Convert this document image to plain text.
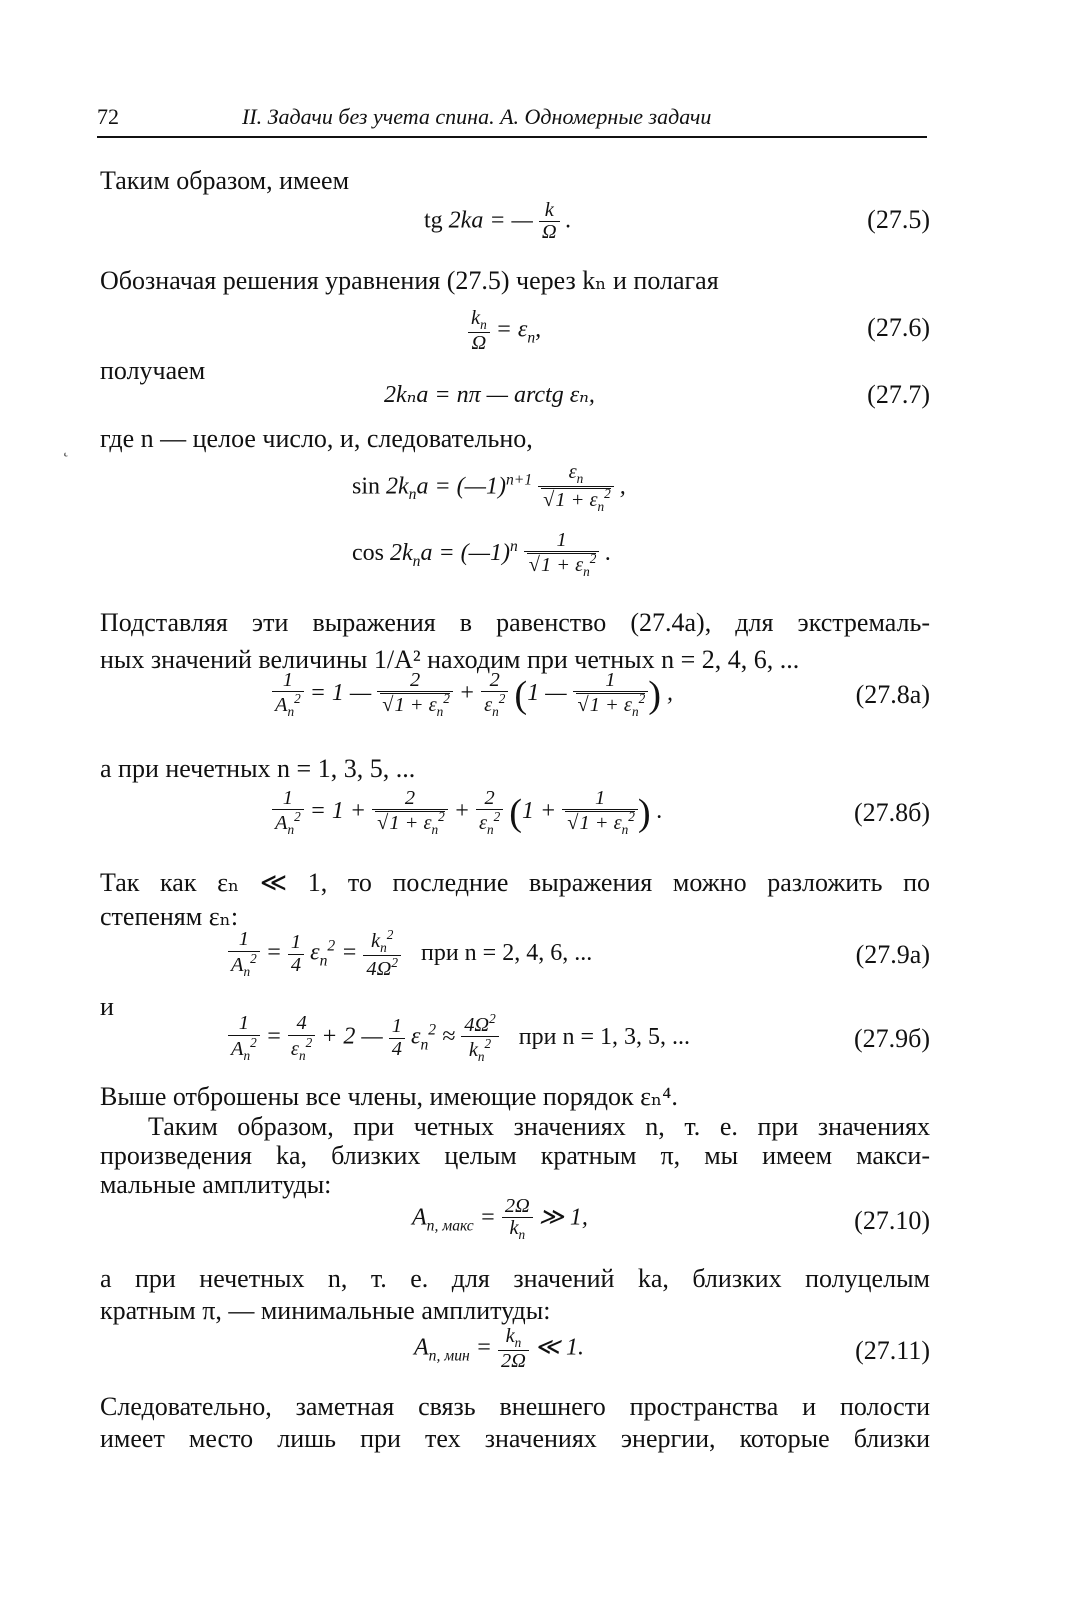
72	II. Задачи без учета спина. А. Одномерные задачи

Таким образом, имеем

tg 2ka = — $\frac{k}{\Omega}$ .	(27.5)

Обозначая решения уравнения (27.5) через kₙ и полагая

$\frac{k_n}{\Omega} = \varepsilon_n$,	(27.6)

получаем

2kₙa = nπ — arctg εₙ,	(27.7)
˛ где n — целое число, и, следовательно,

$\sin 2k_na$ = (—1)$^{n+1}$ $\varepsilon_n$
√ $1 + \varepsilon_n^2$ ,
$\cos 2k_na$ = (—1)$^n$ 1
√ $1 + \varepsilon_n^2$ .

Подставляя эти выражения в равенство (27.4а), для экстремаль-

ных значений величины 1/A² находим при четных n = 2, 4, 6, ...

$\frac{1}{A_n^2} = 1$ — 2
√ $1 + \varepsilon_n^2 + \frac{2}{\varepsilon_n^2} (1$ — 1
√ $1 + \varepsilon_n^2$ ) ,	(27.8а)

а при нечетных n = 1, 3, 5, ...

$\frac{1}{A_n^2} = 1 + 2$
√ $1 + \varepsilon_n^2 + \frac{2}{\varepsilon_n^2} (1 + 1$
√ $1 + \varepsilon_n^2$ ) .	(27.8б)

Так как εₙ ≪ 1, то последние выражения можно разложить по

степеням εₙ:

$\frac{1}{A_n^2} = \frac{1}{4} \varepsilon_n^2 = \frac{k_n^2}{4\Omega^2}$ при n = 2, 4, 6, ...	(27.9а)

и

$\frac{1}{A_n^2} = \frac{4}{\varepsilon_n^2} + 2$ — $\frac{1}{4} \varepsilon_n^2 \approx \frac{4\Omega^2}{k_n^2}$ при n = 1, 3, 5, ...	(27.9б)

Выше отброшены все члены, имеющие порядок εₙ⁴.

Таким образом, при четных значениях n, т. е. при значениях

произведения ka, близких целым кратным π, мы имеем макси-

мальные амплитуды:

$A_{n, макс} = \frac{2\Omega}{k_n}$ ≫ 1,	(27.10)

а при нечетных n, т. е. для значений ka, близких полуцелым

кратным π, — минимальные амплитуды:

$A_{n, мин} = \frac{k_n}{2\Omega}$ ≪ 1.	(27.11)

Следовательно, заметная связь внешнего пространства и полости

имеет место лишь при тех значениях энергии, которые близки
